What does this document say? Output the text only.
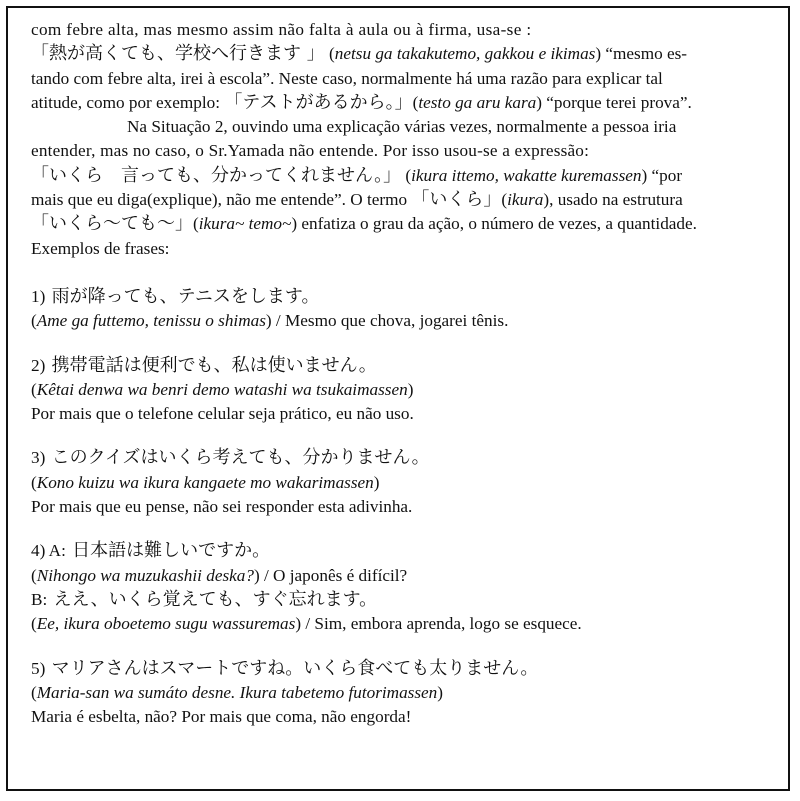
com febre alta, mas mesmo assim não falta à aula ou à firma, usa-se :
「熱が高くても、学校へ行きます 」 (netsu ga takakutemo, gakkou e ikimas) “mesmo es-
tando com febre alta, irei à escola”. Neste caso, normalmente há uma razão para explicar tal
atitude, como por exemplo: 「テストがあるから。」(testo ga aru kara) “porque terei prova”.
Na Situação 2, ouvindo uma explicação várias vezes, normalmente a pessoa iria
entender, mas no caso, o Sr.Yamada não entende. Por isso usou-se a expressão:
「いくら　言っても、分かってくれません。」 (ikura ittemo, wakatte kuremassen) “por
mais que eu diga(explique), não me entende”. O termo 「いくら」(ikura), usado na estrutura
「いくら〜ても〜」(ikura~ temo~) enfatiza o grau da ação, o número de vezes, a quantidade.
Exemplos de frases:
1) 雨が降っても、テニスをします。
(Ame ga futtemo, tenissu o shimas) / Mesmo que chova, jogarei tênis.
2) 携帯電話は便利でも、私は使いません。
(Kêtai denwa wa benri demo watashi wa tsukaimassen)
Por mais que o telefone celular seja prático, eu não uso.
3) このクイズはいくら考えても、分かりません。
(Kono kuizu wa ikura kangaete mo wakarimassen)
Por mais que eu pense, não sei responder esta adivinha.
4) A: 日本語は難しいですか。
(Nihongo wa muzukashii deska?) / O japonês é difícil?
B: ええ、いくら覚えても、すぐ忘れます。
(Ee, ikura oboetemo sugu wassuremas) / Sim, embora aprenda, logo se esquece.
5) マリアさんはスマートですね。いくら食べても太りません。
(Maria-san wa sumáto desne. Ikura tabetemo futorimassen)
Maria é esbelta, não? Por mais que coma, não engorda!
